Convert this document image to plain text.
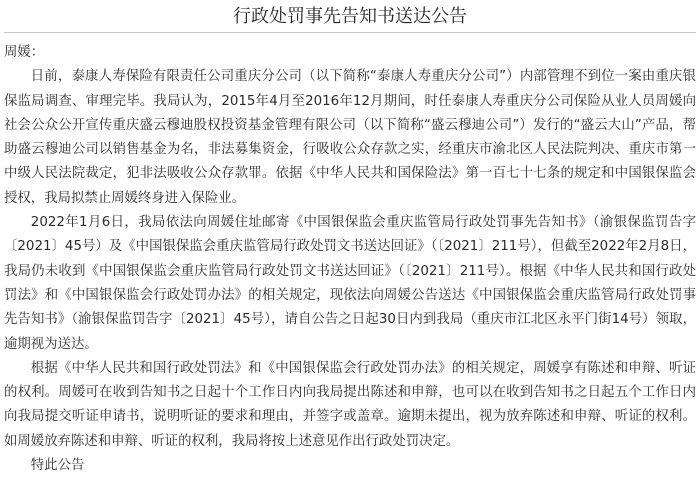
行政处罚事先告知书送达公告

周媛：

日前，泰康人寿保险有限责任公司重庆分公司（以下简称“泰康人寿重庆分公司”）内部管理不到位一案由重庆银保监局调查、审理完毕。我局认为，2015年4月至2016年12月期间，时任泰康人寿重庆分公司保险从业人员周媛向社会公众公开宣传重庆盛云穆迪股权投资基金管理有限公司（以下简称“盛云穆迪公司”）发行的“盛云大山”产品，帮助盛云穆迪公司以销售基金为名，非法募集资金，行吸收公众存款之实，经重庆市渝北区人民法院判决、重庆市第一中级人民法院裁定，犯非法吸收公众存款罪。依据《中华人民共和国保险法》第一百七十七条的规定和中国银保监会授权，我局拟禁止周媛终身进入保险业。

2022年1月6日，我局依法向周媛住址邮寄《中国银保监会重庆监管局行政处罚事先告知书》（渝银保监罚告字〔2021〕45号）及《中国银保监会重庆监管局行政处罚文书送达回证》（〔2021〕211号），但截至2022年2月8日，我局仍未收到《中国银保监会重庆监管局行政处罚文书送达回证》（〔2021〕211号）。根据《中华人民共和国行政处罚法》和《中国银保监会行政处罚办法》的相关规定，现依法向周媛公告送达《中国银保监会重庆监管局行政处罚事先告知书》（渝银保监罚告字〔2021〕45号），请自公告之日起30日内到我局（重庆市江北区永平门街14号）领取，逾期视为送达。

根据《中华人民共和国行政处罚法》和《中国银保监会行政处罚办法》的相关规定，周媛享有陈述和申辩、听证的权利。周媛可在收到告知书之日起十个工作日内向我局提出陈述和申辩，也可以在收到告知书之日起五个工作日内向我局提交听证申请书，说明听证的要求和理由，并签字或盖章。逾期未提出，视为放弃陈述和申辩、听证的权利。如周媛放弃陈述和申辩、听证的权利，我局将按上述意见作出行政处罚决定。

特此公告
